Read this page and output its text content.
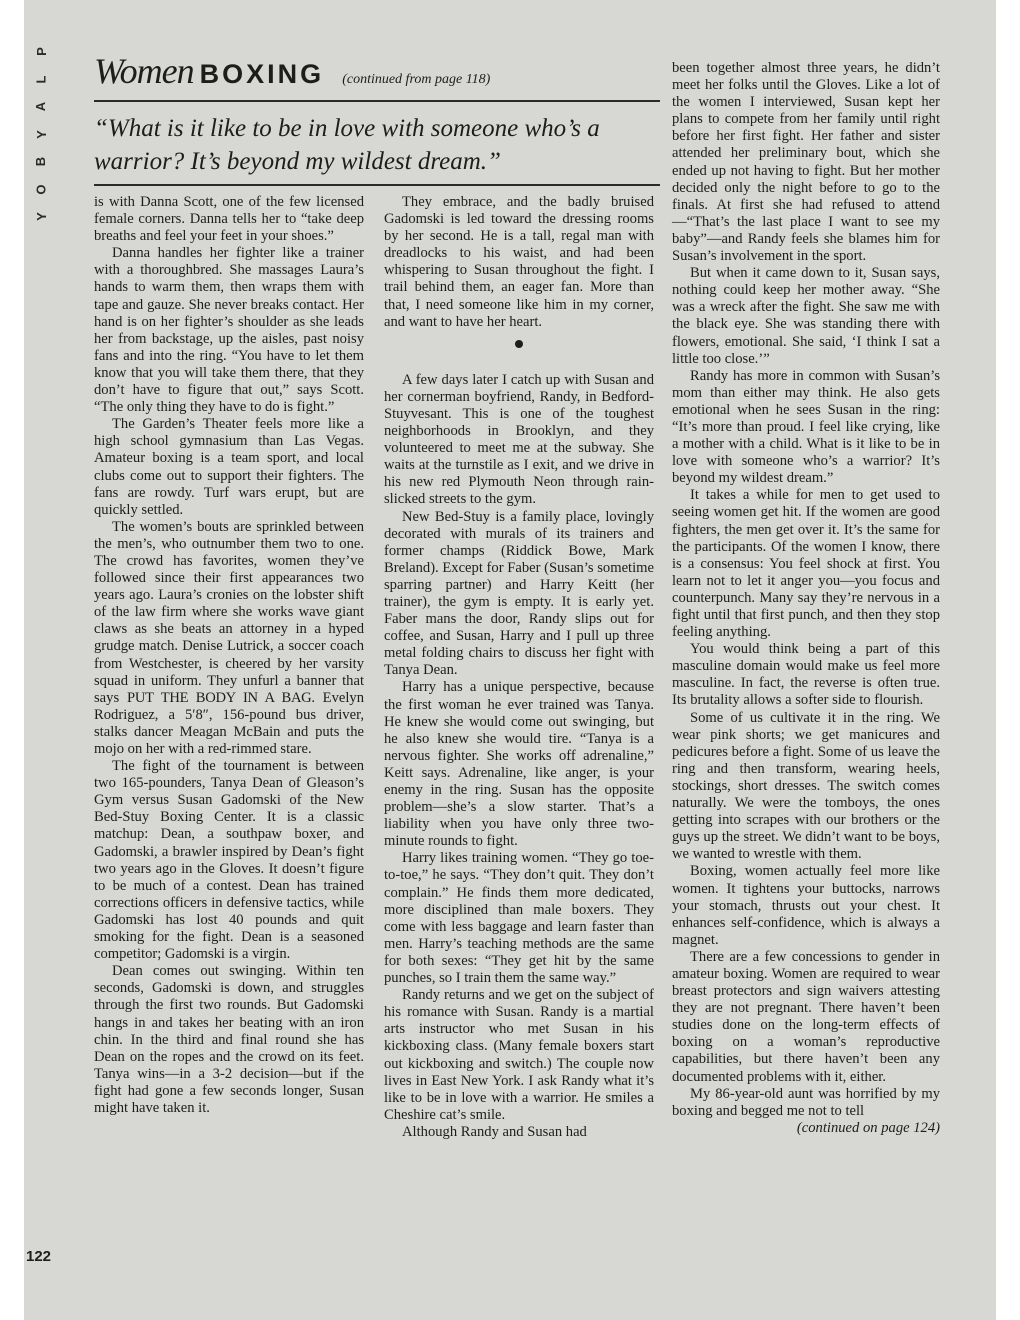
P
L
A
Y
B
O
Y
Women BOXING (continued from page 118)
“What is it like to be in love with someone who’s a warrior? It’s beyond my wildest dream.”

is with Danna Scott, one of the few licensed female corners. Danna tells her to “take deep breaths and feel your feet in your shoes.”

Danna handles her fighter like a trainer with a thoroughbred. She massages Laura’s hands to warm them, then wraps them with tape and gauze. She never breaks contact. Her hand is on her fighter’s shoulder as she leads her from backstage, up the aisles, past noisy fans and into the ring. “You have to let them know that you will take them there, that they don’t have to figure that out,” says Scott. “The only thing they have to do is fight.”

The Garden’s Theater feels more like a high school gymnasium than Las Vegas. Amateur boxing is a team sport, and local clubs come out to support their fighters. The fans are rowdy. Turf wars erupt, but are quickly settled.

The women’s bouts are sprinkled between the men’s, who outnumber them two to one. The crowd has favorites, women they’ve followed since their first appearances two years ago. Laura’s cronies on the lobster shift of the law firm where she works wave giant claws as she beats an attorney in a hyped grudge match. Denise Lutrick, a soccer coach from Westchester, is cheered by her varsity squad in uniform. They unfurl a banner that says PUT THE BODY IN A BAG. Evelyn Rodriguez, a 5′8″, 156-pound bus driver, stalks dancer Meagan McBain and puts the mojo on her with a red-rimmed stare.

The fight of the tournament is between two 165-pounders, Tanya Dean of Gleason’s Gym versus Susan Gadomski of the New Bed-Stuy Boxing Center. It is a classic matchup: Dean, a southpaw boxer, and Gadomski, a brawler inspired by Dean’s fight two years ago in the Gloves. It doesn’t figure to be much of a contest. Dean has trained corrections officers in defensive tactics, while Gadomski has lost 40 pounds and quit smoking for the fight. Dean is a seasoned competitor; Gadomski is a virgin.

Dean comes out swinging. Within ten seconds, Gadomski is down, and struggles through the first two rounds. But Gadomski hangs in and takes her beating with an iron chin. In the third and final round she has Dean on the ropes and the crowd on its feet. Tanya wins—in a 3-2 decision—but if the fight had gone a few seconds longer, Susan might have taken it.

They embrace, and the badly bruised Gadomski is led toward the dressing rooms by her second. He is a tall, regal man with dreadlocks to his waist, and had been whispering to Susan throughout the fight. I trail behind them, an eager fan. More than that, I need someone like him in my corner, and want to have her heart.

A few days later I catch up with Susan and her cornerman boyfriend, Randy, in Bedford-Stuyvesant. This is one of the toughest neighborhoods in Brooklyn, and they volunteered to meet me at the subway. She waits at the turnstile as I exit, and we drive in his new red Plymouth Neon through rain-slicked streets to the gym.

New Bed-Stuy is a family place, lovingly decorated with murals of its trainers and former champs (Riddick Bowe, Mark Breland). Except for Faber (Susan’s sometime sparring partner) and Harry Keitt (her trainer), the gym is empty. It is early yet. Faber mans the door, Randy slips out for coffee, and Susan, Harry and I pull up three metal folding chairs to discuss her fight with Tanya Dean.

Harry has a unique perspective, because the first woman he ever trained was Tanya. He knew she would come out swinging, but he also knew she would tire. “Tanya is a nervous fighter. She works off adrenaline,” Keitt says. Adrenaline, like anger, is your enemy in the ring. Susan has the opposite problem—she’s a slow starter. That’s a liability when you have only three two-minute rounds to fight.

Harry likes training women. “They go toe-to-toe,” he says. “They don’t quit. They don’t complain.” He finds them more dedicated, more disciplined than male boxers. They come with less baggage and learn faster than men. Harry’s teaching methods are the same for both sexes: “They get hit by the same punches, so I train them the same way.”

Randy returns and we get on the subject of his romance with Susan. Randy is a martial arts instructor who met Susan in his kickboxing class. (Many female boxers start out kickboxing and switch.) The couple now lives in East New York. I ask Randy what it’s like to be in love with a warrior. He smiles a Cheshire cat’s smile.

Although Randy and Susan had

been together almost three years, he didn’t meet her folks until the Gloves. Like a lot of the women I interviewed, Susan kept her plans to compete from her family until right before her first fight. Her father and sister attended her preliminary bout, which she ended up not having to fight. But her mother decided only the night before to go to the finals. At first she had refused to attend—“That’s the last place I want to see my baby”—and Randy feels she blames him for Susan’s involvement in the sport.

But when it came down to it, Susan says, nothing could keep her mother away. “She was a wreck after the fight. She saw me with the black eye. She was standing there with flowers, emotional. She said, ‘I think I sat a little too close.’”

Randy has more in common with Susan’s mom than either may think. He also gets emotional when he sees Susan in the ring: “It’s more than proud. I feel like crying, like a mother with a child. What is it like to be in love with someone who’s a warrior? It’s beyond my wildest dream.”

It takes a while for men to get used to seeing women get hit. If the women are good fighters, the men get over it. It’s the same for the participants. Of the women I know, there is a consensus: You feel shock at first. You learn not to let it anger you—you focus and counterpunch. Many say they’re nervous in a fight until that first punch, and then they stop feeling anything.

You would think being a part of this masculine domain would make us feel more masculine. In fact, the reverse is often true. Its brutality allows a softer side to flourish.

Some of us cultivate it in the ring. We wear pink shorts; we get manicures and pedicures before a fight. Some of us leave the ring and then transform, wearing heels, stockings, short dresses. The switch comes naturally. We were the tomboys, the ones getting into scrapes with our brothers or the guys up the street. We didn’t want to be boys, we wanted to wrestle with them.

Boxing, women actually feel more like women. It tightens your buttocks, narrows your stomach, thrusts out your chest. It enhances self-confidence, which is always a magnet.

There are a few concessions to gender in amateur boxing. Women are required to wear breast protectors and sign waivers attesting they are not pregnant. There haven’t been studies done on the long-term effects of boxing on a woman’s reproductive capabilities, but there haven’t been any documented problems with it, either.

My 86-year-old aunt was horrified by my boxing and begged me not to tell

(continued on page 124)
122
